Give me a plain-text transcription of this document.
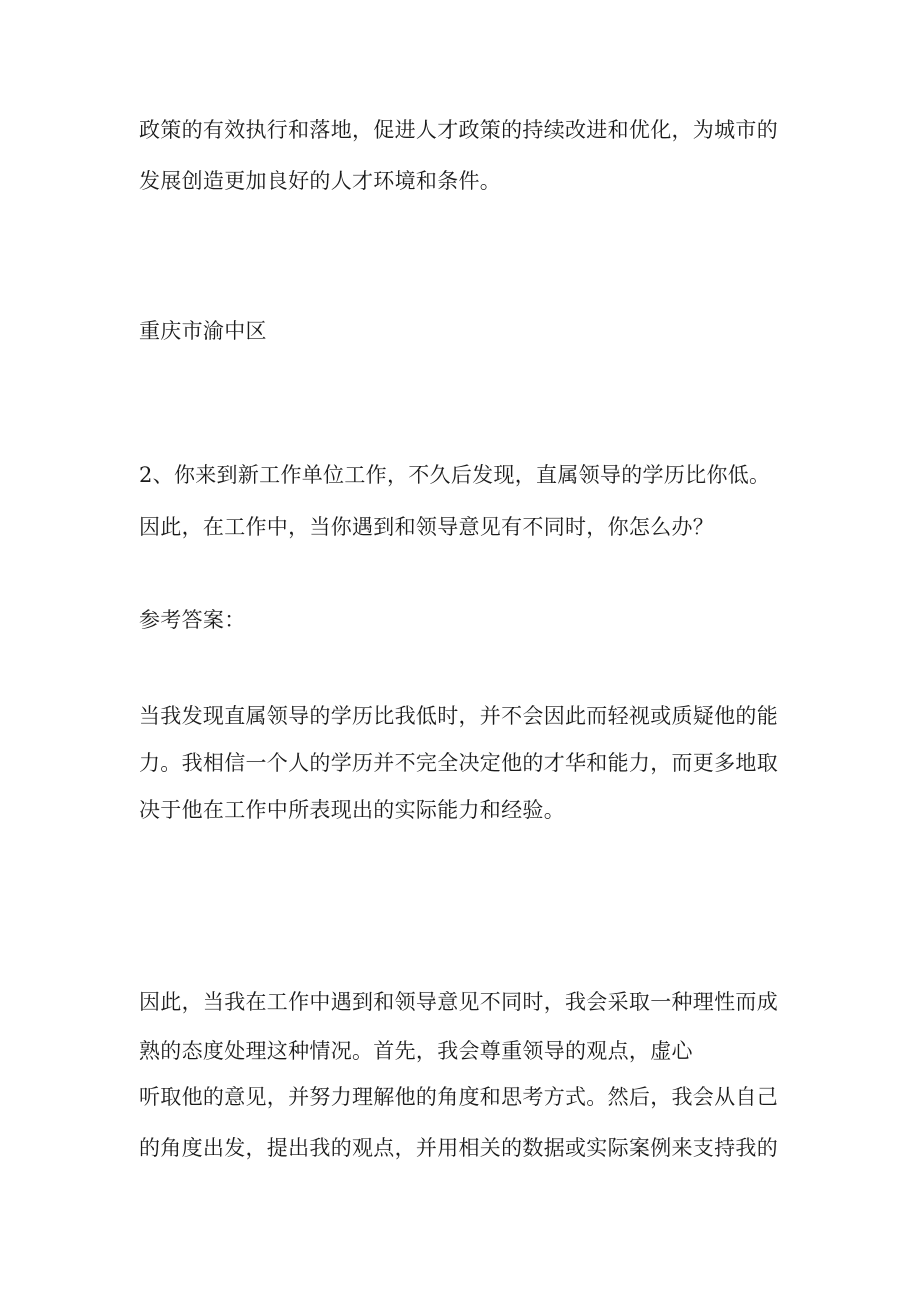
政策的有效执行和落地，促进人才政策的持续改进和优化，为城市的
发展创造更加良好的人才环境和条件。
重庆市渝中区
2、你来到新工作单位工作，不久后发现，直属领导的学历比你低。
因此，在工作中，当你遇到和领导意见有不同时，你怎么办？
参考答案：
当我发现直属领导的学历比我低时，并不会因此而轻视或质疑他的能
力。我相信一个人的学历并不完全决定他的才华和能力，而更多地取
决于他在工作中所表现出的实际能力和经验。
因此，当我在工作中遇到和领导意见不同时，我会采取一种理性而成
熟的态度处理这种情况。首先，我会尊重领导的观点，虚心
听取他的意见，并努力理解他的角度和思考方式。然后，我会从自己
的角度出发，提出我的观点，并用相关的数据或实际案例来支持我的
